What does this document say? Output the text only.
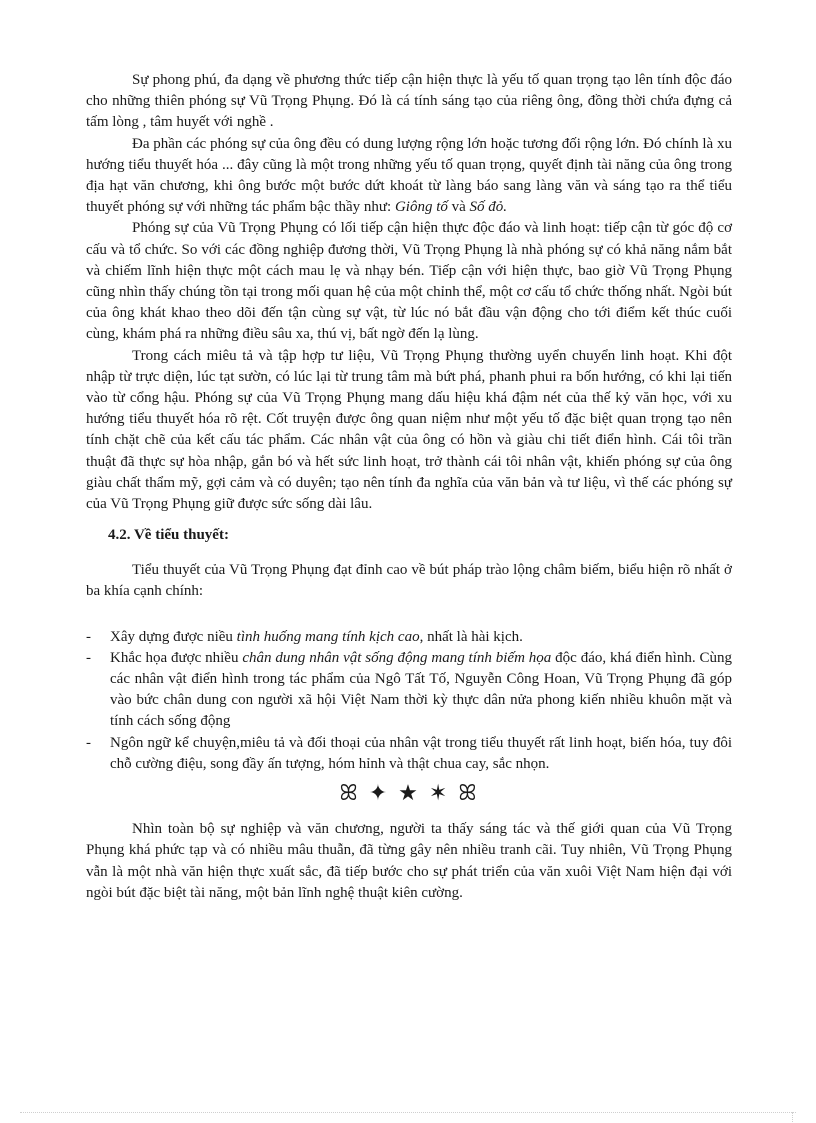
Sự phong phú, đa dạng về phương thức tiếp cận hiện thực là yếu tố quan trọng tạo lên tính độc đáo cho những thiên phóng sự Vũ Trọng Phụng. Đó là cá tính sáng tạo của riêng ông, đồng thời chứa đựng cả tấm lòng , tâm huyết với nghề .

Đa phần các phóng sự của ông đều có dung lượng rộng lớn hoặc tương đối rộng lớn. Đó chính là xu hướng tiểu thuyết hóa ... đây cũng là một trong những yếu tố quan trọng, quyết định tài năng của ông trong địa hạt văn chương, khi ông bước một bước dứt khoát từ làng báo sang làng văn và sáng tạo ra thể tiểu thuyết phóng sự với những tác phẩm bậc thầy như: Giông tố và Số đỏ.

Phóng sự của Vũ Trọng Phụng có lối tiếp cận hiện thực độc đáo và linh hoạt: tiếp cận từ góc độ cơ cấu và tổ chức. So với các đồng nghiệp đương thời, Vũ Trọng Phụng là nhà phóng sự có khả năng nắm bắt và chiếm lĩnh hiện thực một cách mau lẹ và nhạy bén. Tiếp cận với hiện thực, bao giờ Vũ Trọng Phụng cũng nhìn thấy chúng tồn tại trong mối quan hệ của một chỉnh thể, một cơ cấu tổ chức thống nhất. Ngòi bút của ông khát khao theo dõi đến tận cùng sự vật, từ lúc nó bắt đầu vận động cho tới điểm kết thúc cuối cùng, khám phá ra những điều sâu xa, thú vị, bất ngờ đến lạ lùng.

Trong cách miêu tả và tập hợp tư liệu, Vũ Trọng Phụng thường uyển chuyển linh hoạt. Khi đột nhập từ trực diện, lúc tạt sườn, có lúc lại từ trung tâm mà bứt phá, phanh phui ra bốn hướng, có khi lại tiến vào từ cổng hậu. Phóng sự của Vũ Trọng Phụng mang dấu hiệu khá đậm nét của thế kỷ văn học, với xu hướng tiểu thuyết hóa rõ rệt. Cốt truyện được ông quan niệm như một yếu tố đặc biệt quan trọng tạo nên tính chặt chẽ của kết cấu tác phẩm. Các nhân vật của ông có hồn và giàu chi tiết điển hình. Cái tôi trần thuật đã thực sự hòa nhập, gắn bó và hết sức linh hoạt, trở thành cái tôi nhân vật, khiến phóng sự của ông giàu chất thẩm mỹ, gợi cảm và có duyên; tạo nên tính đa nghĩa của văn bản và tư liệu, vì thế các phóng sự của Vũ Trọng Phụng giữ được sức sống dài lâu.

4.2. Về tiểu thuyết:

Tiểu thuyết của Vũ Trọng Phụng đạt đỉnh cao về bút pháp trào lộng châm biếm, biểu hiện rõ nhất ở ba khía cạnh chính:

- Xây dựng được niều tình huống mang tính kịch cao, nhất là hài kịch.
- Khắc họa được nhiều chân dung nhân vật sống động mang tính biếm họa độc đáo, khá điển hình. Cùng các nhân vật điển hình trong tác phẩm của Ngô Tất Tố, Nguyễn Công Hoan, Vũ Trọng Phụng đã góp vào bức chân dung con người xã hội Việt Nam thời kỳ thực dân nửa phong kiến nhiều khuôn mặt và tính cách sống động
- Ngôn ngữ kể chuyện,miêu tả và đối thoại của nhân vật trong tiểu thuyết rất linh hoạt, biến hóa, tuy đôi chỗ cường điệu, song đầy ấn tượng, hóm hỉnh và thật chua cay, sắc nhọn.
ꕤ ✦ ★ ✶ ꕤ

Nhìn toàn bộ sự nghiệp và văn chương, người ta thấy sáng tác và thế giới quan của Vũ Trọng Phụng khá phức tạp và có nhiều mâu thuẫn, đã từng gây nên nhiều tranh cãi. Tuy nhiên, Vũ Trọng Phụng vẫn là một nhà văn hiện thực xuất sắc, đã tiếp bước cho sự phát triển của văn xuôi Việt Nam hiện đại với ngòi bút đặc biệt tài năng, một bản lĩnh nghệ thuật kiên cường.
